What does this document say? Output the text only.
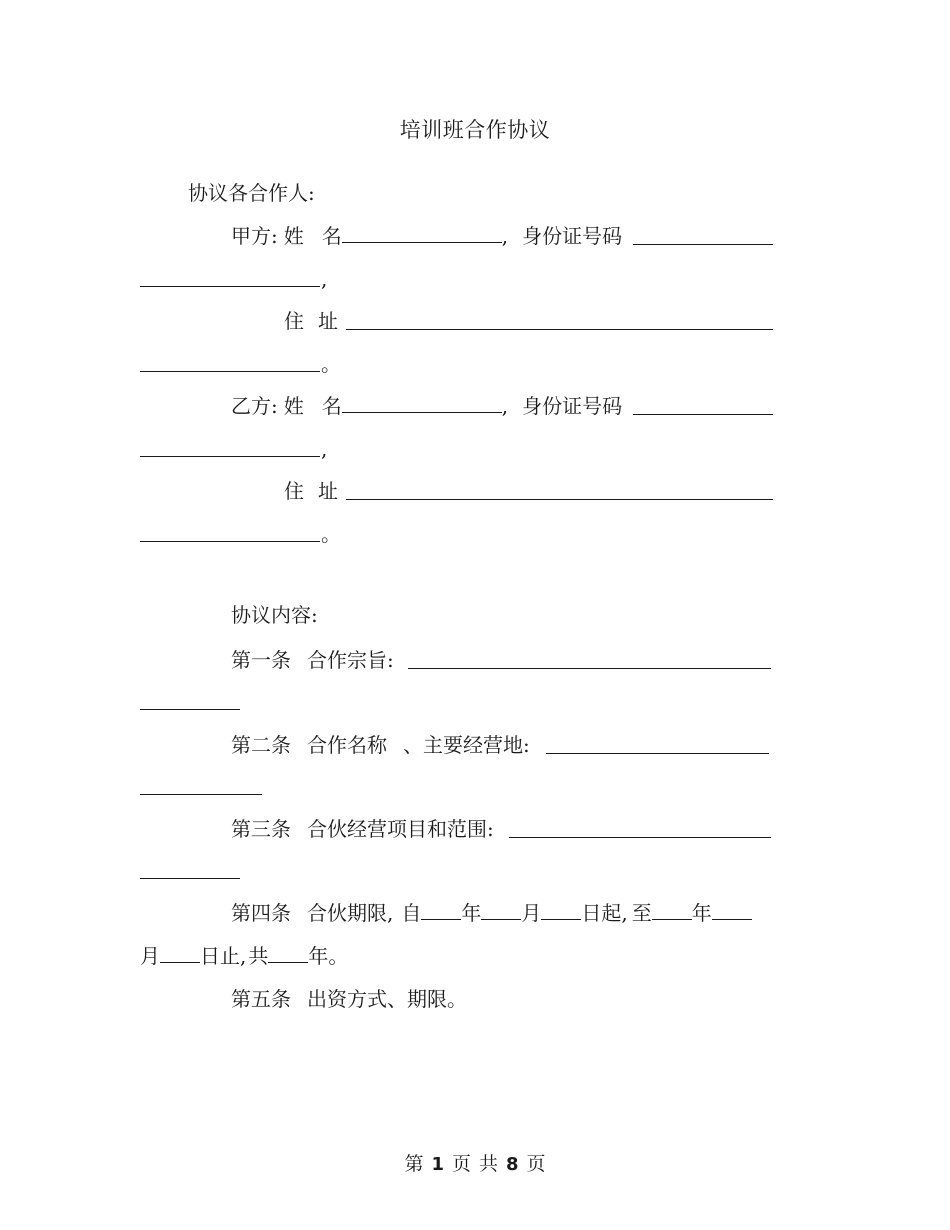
培训班合作协议
协议各合作人:
甲方: 姓 名	, 身份证号码
,
住 址
。
乙方: 姓 名	, 身份证号码
,
住 址
。
协议内容:
第一条 合作宗旨:
第二条 合作名称 、主要经营地:
第三条 合伙经营项目和范围:
第四条 合伙期限, 自 年 月 日起, 至 年
月 日止, 共 年。
第五条 出资方式、期限。
第 1 页 共 8 页
